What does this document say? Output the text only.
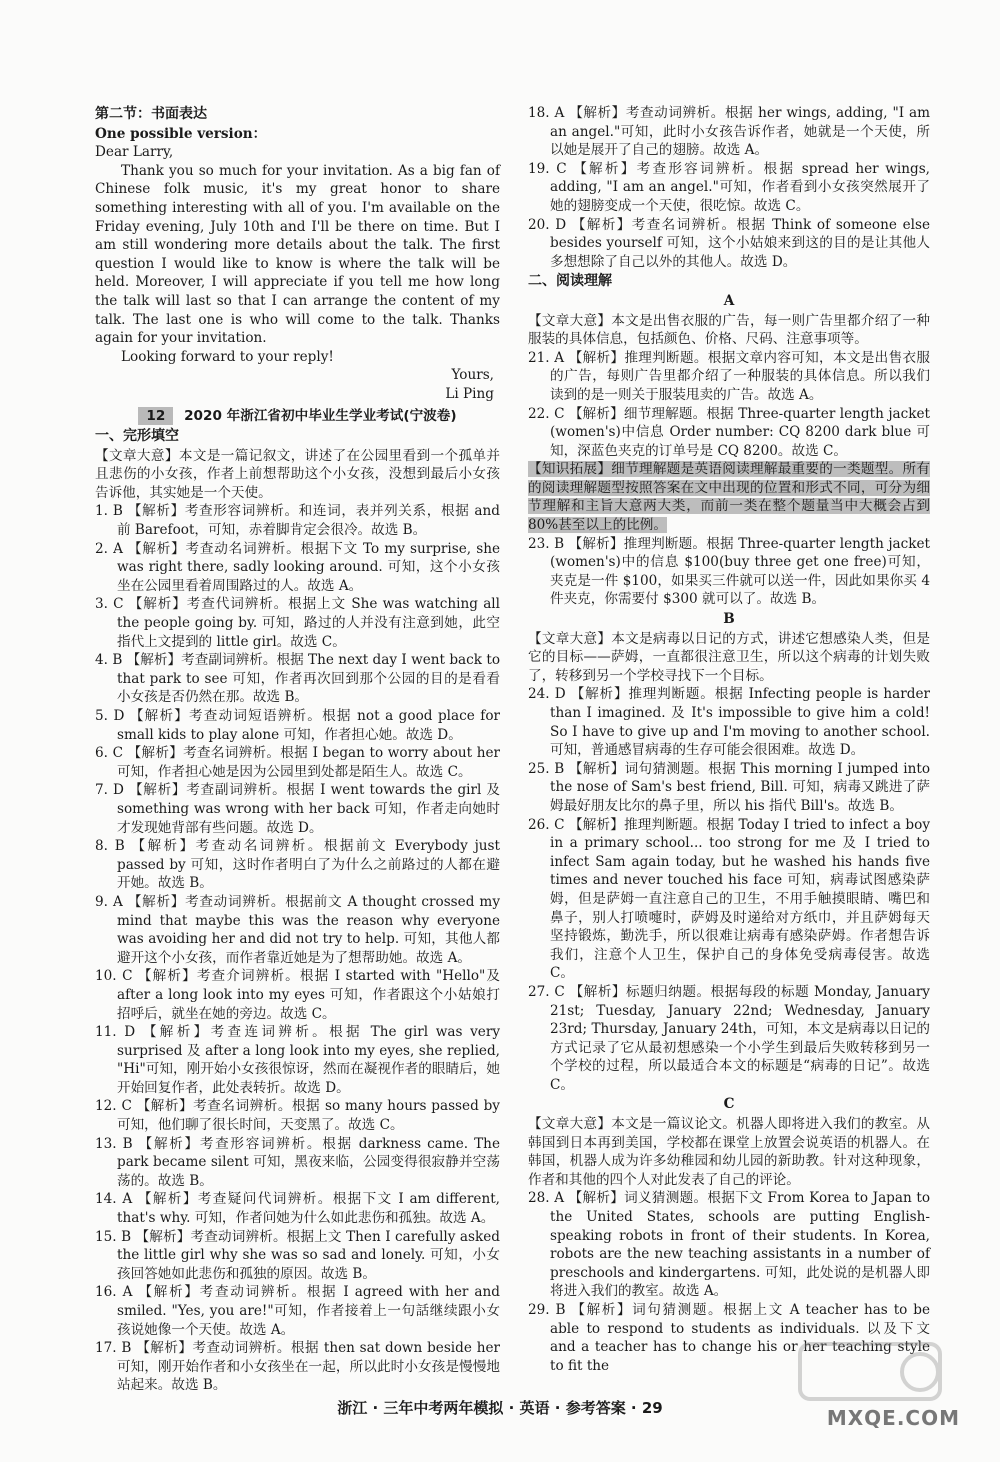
第二节：书面表达

One possible version：

Dear Larry,

Thank you so much for your invitation. As a big fan of Chinese folk music, it's my great honor to share something interesting with all of you. I'm available on the Friday evening, July 10th and I'll be there on time. But I am still wondering more details about the talk. The first question I would like to know is where the talk will be held. Moreover, I will appreciate if you tell me how long the talk will last so that I can arrange the content of my talk. The last one is who will come to the talk. Thanks again for your invitation.

Looking forward to your reply!

Yours,

Li Ping

12 2020 年浙江省初中毕业生学业考试(宁波卷)

一、完形填空

【文章大意】本文是一篇记叙文，讲述了在公园里看到一个孤单并且悲伤的小女孩，作者上前想帮助这个小女孩，没想到最后小女孩告诉他，其实她是一个天使。

1. B 【解析】考查形容词辨析。和连词，表并列关系，根据 and 前 Barefoot，可知，赤着脚肯定会很冷。故选 B。

2. A 【解析】考查动名词辨析。根据下文 To my surprise, she was right there, sadly looking around. 可知，这个小女孩坐在公园里看着周围路过的人。故选 A。

3. C 【解析】考查代词辨析。根据上文 She was watching all the people going by. 可知，路过的人并没有注意到她，此空指代上文提到的 little girl。故选 C。

4. B 【解析】考查副词辨析。根据 The next day I went back to that park to see 可知，作者再次回到那个公园的目的是看看小女孩是否仍然在那。故选 B。

5. D 【解析】考查动词短语辨析。根据 not a good place for small kids to play alone 可知，作者担心她。故选 D。

6. C 【解析】考查名词辨析。根据 I began to worry about her 可知，作者担心她是因为公园里到处都是陌生人。故选 C。

7. D 【解析】考查副词辨析。根据 I went towards the girl 及 something was wrong with her back 可知，作者走向她时才发现她背部有些问题。故选 D。

8. B 【解析】考查动名词辨析。根据前文 Everybody just passed by 可知，这时作者明白了为什么之前路过的人都在避开她。故选 B。

9. A 【解析】考查动词辨析。根据前文 A thought crossed my mind that maybe this was the reason why everyone was avoiding her and did not try to help. 可知，其他人都避开这个小女孩，而作者靠近她是为了想帮助她。故选 A。

10. C 【解析】考查介词辨析。根据 I started with "Hello"及 after a long look into my eyes 可知，作者跟这个小姑娘打招呼后，就坐在她的旁边。故选 C。

11. D 【解析】考查连词辨析。根据 The girl was very surprised 及 after a long look into my eyes, she replied, "Hi"可知，刚开始小女孩很惊讶，然而在凝视作者的眼睛后，她开始回复作者，此处表转折。故选 D。

12. C 【解析】考查名词辨析。根据 so many hours passed by 可知，他们聊了很长时间，天变黑了。故选 C。

13. B 【解析】考查形容词辨析。根据 darkness came. The park became silent 可知，黑夜来临，公园变得很寂静并空荡荡的。故选 B。

14. A 【解析】考查疑问代词辨析。根据下文 I am different, that's why. 可知，作者问她为什么如此悲伤和孤独。故选 A。

15. B 【解析】考查动词辨析。根据上文 Then I carefully asked the little girl why she was so sad and lonely. 可知，小女孩回答她如此悲伤和孤独的原因。故选 B。

16. A 【解析】考查动词辨析。根据 I agreed with her and smiled. "Yes, you are!"可知，作者接着上一句話继续跟小女孩说她像一个天使。故选 A。

17. B 【解析】考查动词辨析。根据 then sat down beside her 可知，刚开始作者和小女孩坐在一起，所以此时小女孩是慢慢地站起来。故选 B。

18. A 【解析】考查动词辨析。根据 her wings, adding, "I am an angel."可知，此时小女孩告诉作者，她就是一个天使，所以她是展开了自己的翅膀。故选 A。

19. C 【解析】考查形容词辨析。根据 spread her wings, adding, "I am an angel."可知，作者看到小女孩突然展开了她的翅膀变成一个天使，很吃惊。故选 C。

20. D 【解析】考查名词辨析。根据 Think of someone else besides yourself 可知，这个小姑娘来到这的目的是让其他人多想想除了自己以外的其他人。故选 D。

二、阅读理解

A

【文章大意】本文是出售衣服的广告，每一则广告里都介绍了一种服装的具体信息，包括颜色、价格、尺码、注意事项等。

21. A 【解析】推理判断题。根据文章内容可知，本文是出售衣服的广告，每则广告里都介绍了一种服装的具体信息。所以我们读到的是一则关于服装甩卖的广告。故选 A。

22. C 【解析】细节理解题。根据 Three-quarter length jacket (women's)中信息 Order number: CQ 8200 dark blue 可知，深蓝色夹克的订单号是 CQ 8200。故选 C。

【知识拓展】细节理解题是英语阅读理解最重要的一类题型。所有的阅读理解题型按照答案在文中出现的位置和形式不同，可分为细节理解和主旨大意两大类，而前一类在整个题量当中大概会占到 80%甚至以上的比例。

23. B 【解析】推理判断题。根据 Three-quarter length jacket (women's)中的信息 $100(buy three get one free)可知，夹克是一件 $100，如果买三件就可以送一件，因此如果你买 4 件夹克，你需要付 $300 就可以了。故选 B。

B

【文章大意】本文是病毒以日记的方式，讲述它想感染人类，但是它的目标——萨姆，一直都很注意卫生，所以这个病毒的计划失败了，转移到另一个学校寻找下一个目标。

24. D 【解析】推理判断题。根据 Infecting people is harder than I imagined. 及 It's impossible to give him a cold! So I have to give up and I'm moving to another school. 可知，普通感冒病毒的生存可能会很困难。故选 D。

25. B 【解析】词句猜测题。根据 This morning I jumped into the nose of Sam's best friend, Bill. 可知，病毒又跳进了萨姆最好朋友比尔的鼻子里，所以 his 指代 Bill's。故选 B。

26. C 【解析】推理判断题。根据 Today I tried to infect a boy in a primary school... too strong for me 及 I tried to infect Sam again today, but he washed his hands five times and never touched his face 可知，病毒试图感染萨姆，但是萨姆一直注意自己的卫生，不用手触摸眼睛、嘴巴和鼻子，别人打喷嚏时，萨姆及时递给对方纸巾，并且萨姆每天坚持锻炼，勤洗手，所以很难让病毒有感染萨姆。作者想告诉我们，注意个人卫生，保护自己的身体免受病毒侵害。故选 C。

27. C 【解析】标题归纳题。根据每段的标题 Monday, January 21st; Tuesday, January 22nd; Wednesday, January 23rd; Thursday, January 24th，可知，本文是病毒以日记的方式记录了它从最初想感染一个小学生到最后失败转移到另一个学校的过程，所以最适合本文的标题是“病毒的日记”。故选 C。

C

【文章大意】本文是一篇议论文。机器人即将进入我们的教室。从韩国到日本再到美国，学校都在课堂上放置会说英语的机器人。在韩国，机器人成为许多幼稚园和幼儿园的新助教。针对这种现象，作者和其他的四个人对此发表了自己的评论。

28. A 【解析】词义猜测题。根据下文 From Korea to Japan to the United States, schools are putting English-speaking robots in front of their students. In Korea, robots are the new teaching assistants in a number of preschools and kindergartens. 可知，此处说的是机器人即将进入我们的教室。故选 A。

29. B 【解析】词句猜测题。根据上文 A teacher has to be able to respond to students as individuals. 以及下文 and a teacher has to change his or her teaching style to fit the

浙江 · 三年中考两年模拟 · 英语 · 参考答案 · 29	MXQE.COM
